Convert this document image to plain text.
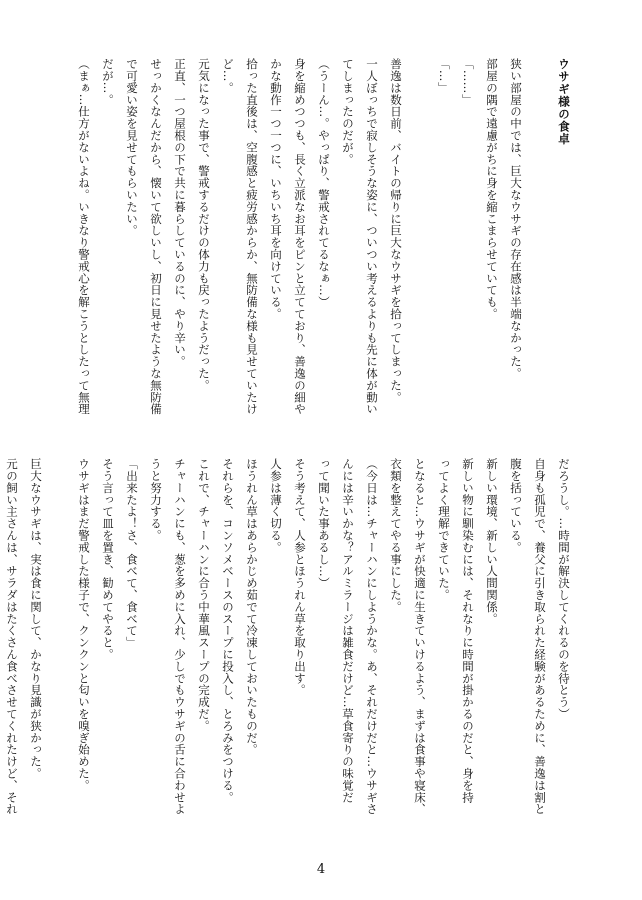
ウサギ様の食卓

狭い部屋の中では、巨大なウサギの存在感は半端なかった。
部屋の隅で遠慮がちに身を縮こまらせていても。
「……」
「…」

善逸は数日前、バイトの帰りに巨大なウサギを拾ってしまった。
一人ぼっちで寂しそうな姿に、ついつい考えるよりも先に体が動い
てしまったのだが。
（うーん…。やっぱり、警戒されてるなぁ…）
身を縮めつつも、長く立派なお耳をピンと立てており、善逸の細や
かな動作一つ一つに、いちいち耳を向けている。
拾った直後は、空腹感と疲労感からか、無防備な様も見せていたけ
ど…。
元気になった事で、警戒するだけの体力も戻ったようだった。
正直、一つ屋根の下で共に暮らしているのに、やり辛い。
せっかくなんだから、懐いて欲しいし、初日に見せたような無防備
で可愛い姿を見せてもらいたい。
だが…。
（まぁ…仕方がないよね。いきなり警戒心を解こうとしたって無理
だろうし。…時間が解決してくれるのを待とう）
自身も孤児で、養父に引き取られた経験があるために、善逸は割と
腹を括っている。
新しい環境、新しい人間関係。
新しい物に馴染むには、それなりに時間が掛かるのだと、身を持
ってよく理解できていた。
となると…ウサギが快適に生きていけるよう、まずは食事や寝床、
衣類を整えてやる事にした。
（今日は…チャーハンにしようかな。あ、それだけだと…ウサギさ
んには辛いかな？アルミラージは雑食だけど…草食寄りの味覚だ
って聞いた事あるし…）
そう考えて、人参とほうれん草を取り出す。
人参は薄く切る。
ほうれん草はあらかじめ茹でて冷凍しておいたものだ。
それらを、コンソメベースのスープに投入し、とろみをつける。
これで、チャーハンに合う中華風スープの完成だ。
チャーハンにも、葱を多めに入れ、少しでもウサギの舌に合わせよ
うと努力する。
「出来たよ！さ、食べて、食べて」
そう言って皿を置き、勧めてやると。
ウサギはまだ警戒した様子で、クンクンと匂いを嗅ぎ始めた。

巨大なウサギは、実は食に関して、かなり見識が狭かった。
元の飼い主さんは、サラダはたくさん食べさせてくれたけど、それ
4
